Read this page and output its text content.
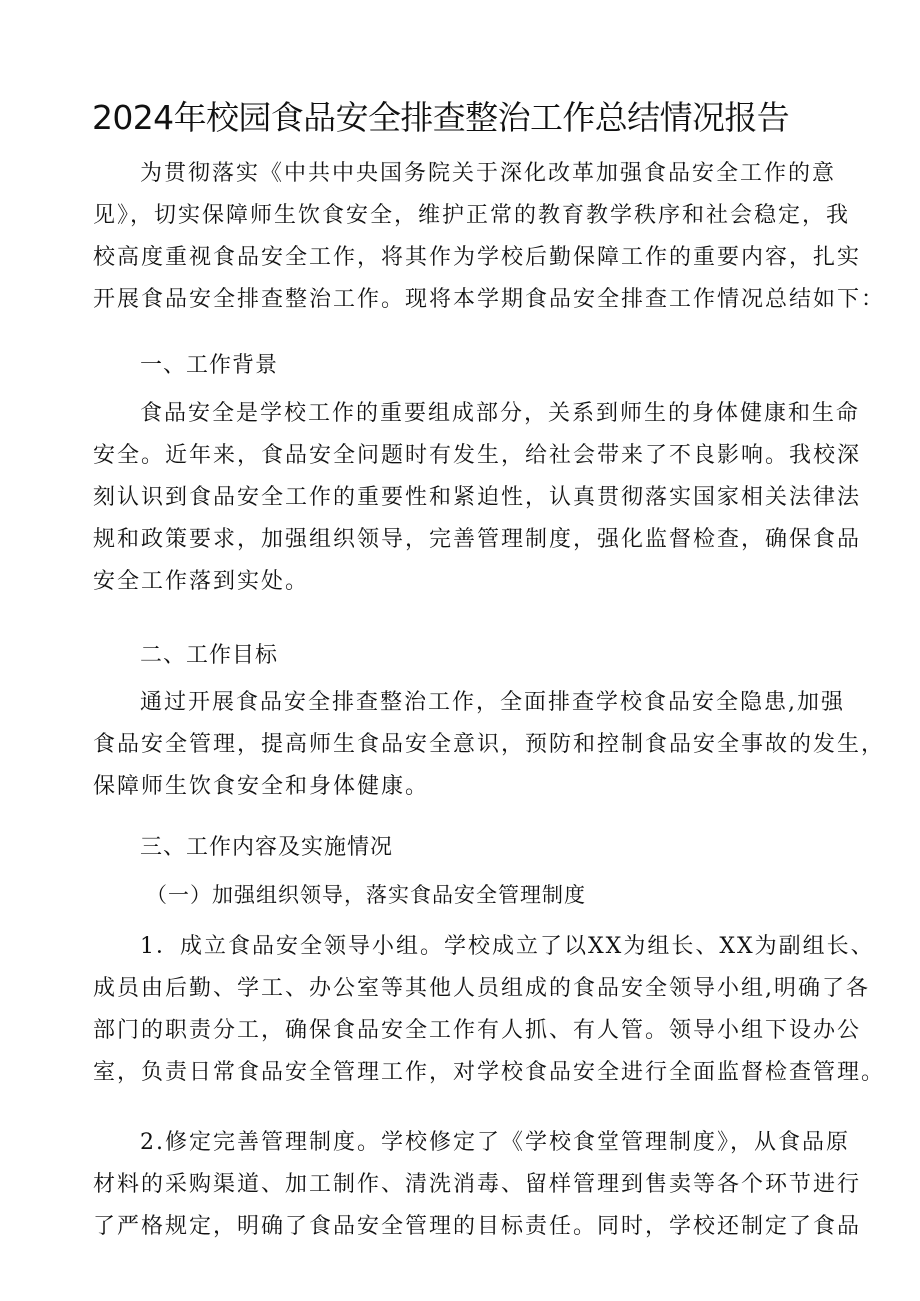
2024年校园食品安全排查整治工作总结情况报告
为贯彻落实《中共中央国务院关于深化改革加强食品安全工作的意
见》，切实保障师生饮食安全，维护正常的教育教学秩序和社会稳定，我
校高度重视食品安全工作，将其作为学校后勤保障工作的重要内容，扎实
开展食品安全排查整治工作。现将本学期食品安全排查工作情况总结如下：
一、工作背景
食品安全是学校工作的重要组成部分，关系到师生的身体健康和生命
安全。近年来，食品安全问题时有发生，给社会带来了不良影响。我校深
刻认识到食品安全工作的重要性和紧迫性，认真贯彻落实国家相关法律法
规和政策要求，加强组织领导，完善管理制度，强化监督检查，确保食品
安全工作落到实处。
二、工作目标
通过开展食品安全排查整治工作，全面排查学校食品安全隐患,加强
食品安全管理，提高师生食品安全意识，预防和控制食品安全事故的发生，
保障师生饮食安全和身体健康。
三、工作内容及实施情况
（一）加强组织领导，落实食品安全管理制度
1．成立食品安全领导小组。学校成立了以XX为组长、XX为副组长、
成员由后勤、学工、办公室等其他人员组成的食品安全领导小组,明确了各
部门的职责分工，确保食品安全工作有人抓、有人管。领导小组下设办公
室，负责日常食品安全管理工作，对学校食品安全进行全面监督检查管理。
2.修定完善管理制度。学校修定了《学校食堂管理制度》，从食品原
材料的采购渠道、加工制作、清洗消毒、留样管理到售卖等各个环节进行
了严格规定，明确了食品安全管理的目标责任。同时，学校还制定了食品
